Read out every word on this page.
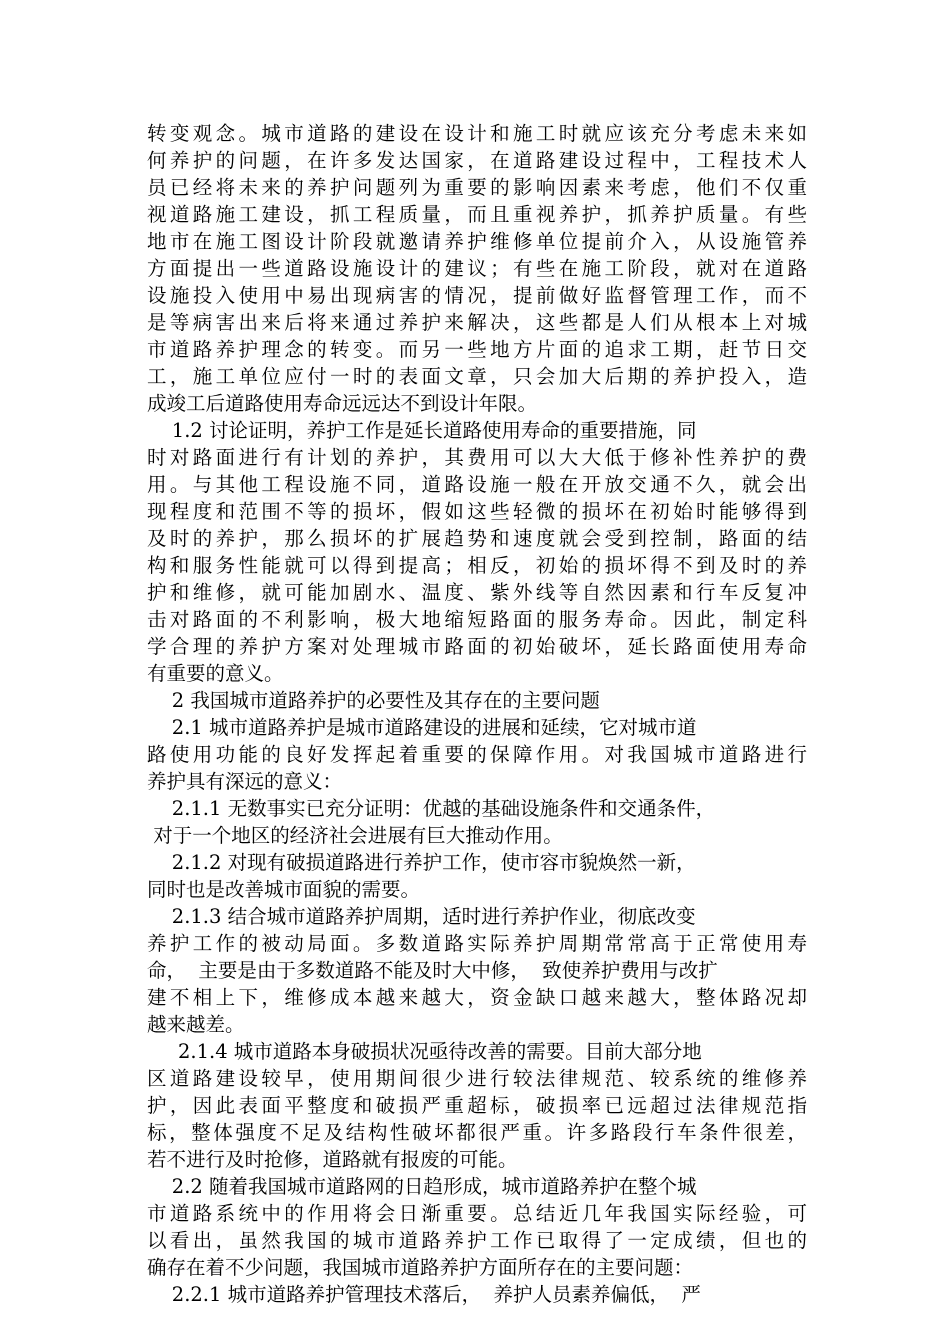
转变观念。城市道路的建设在设计和施工时就应该充分考虑未来如
何养护的问题，在许多发达国家，在道路建设过程中，工程技术人
员已经将未来的养护问题列为重要的影响因素来考虑，他们不仅重
视道路施工建设，抓工程质量，而且重视养护，抓养护质量。有些
地市在施工图设计阶段就邀请养护维修单位提前介入，从设施管养
方面提出一些道路设施设计的建议；有些在施工阶段，就对在道路
设施投入使用中易出现病害的情况，提前做好监督管理工作，而不
是等病害出来后将来通过养护来解决，这些都是人们从根本上对城
市道路养护理念的转变。而另一些地方片面的追求工期，赶节日交
工，施工单位应付一时的表面文章，只会加大后期的养护投入，造
成竣工后道路使用寿命远远达不到设计年限。
1.2 讨论证明，养护工作是延长道路使用寿命的重要措施，同
时对路面进行有计划的养护，其费用可以大大低于修补性养护的费
用。与其他工程设施不同，道路设施一般在开放交通不久，就会出
现程度和范围不等的损坏，假如这些轻微的损坏在初始时能够得到
及时的养护，那么损坏的扩展趋势和速度就会受到控制，路面的结
构和服务性能就可以得到提高；相反，初始的损坏得不到及时的养
护和维修，就可能加剧水、温度、紫外线等自然因素和行车反复冲
击对路面的不利影响，极大地缩短路面的服务寿命。因此，制定科
学合理的养护方案对处理城市路面的初始破坏，延长路面使用寿命
有重要的意义。
2 我国城市道路养护的必要性及其存在的主要问题
2.1 城市道路养护是城市道路建设的进展和延续，它对城市道
路使用功能的良好发挥起着重要的保障作用。对我国城市道路进行
养护具有深远的意义：
2.1.1 无数事实已充分证明：优越的基础设施条件和交通条件，
对于一个地区的经济社会进展有巨大推动作用。
2.1.2 对现有破损道路进行养护工作，使市容市貌焕然一新，
同时也是改善城市面貌的需要。
2.1.3 结合城市道路养护周期，适时进行养护作业，彻底改变
养护工作的被动局面。多数道路实际养护周期常常高于正常使用寿
命，  主要是由于多数道路不能及时大中修，  致使养护费用与改扩
建不相上下，维修成本越来越大，资金缺口越来越大，整体路况却
越来越差。
2.1.4 城市道路本身破损状况亟待改善的需要。目前大部分地
区道路建设较早，使用期间很少进行较法律规范、较系统的维修养
护，因此表面平整度和破损严重超标，破损率已远超过法律规范指
标，整体强度不足及结构性破坏都很严重。许多路段行车条件很差，
若不进行及时抢修，道路就有报废的可能。
2.2 随着我国城市道路网的日趋形成，城市道路养护在整个城
市道路系统中的作用将会日渐重要。总结近几年我国实际经验，可
以看出，虽然我国的城市道路养护工作已取得了一定成绩，但也的
确存在着不少问题，我国城市道路养护方面所存在的主要问题：
2.2.1 城市道路养护管理技术落后，  养护人员素养偏低，  严
